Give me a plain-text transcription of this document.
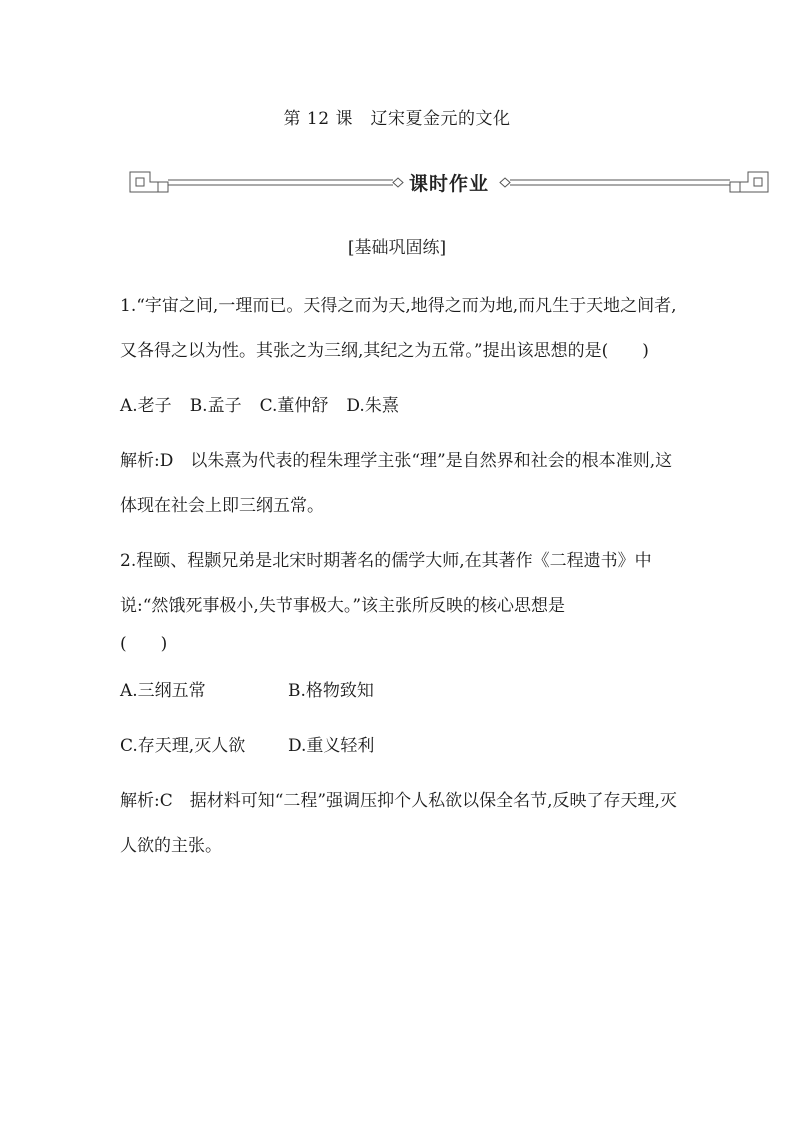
第 12 课　辽宋夏金元的文化
课时作业
[基础巩固练]

1.“宇宙之间,一理而已。天得之而为天,地得之而为地,而凡生于天地之间者,又各得之以为性。其张之为三纲,其纪之为五常。”提出该思想的是(　　)

A.老子 B.孟子 C.董仲舒 D.朱熹

解析:D　以朱熹为代表的程朱理学主张“理”是自然界和社会的根本准则,这体现在社会上即三纲五常。

2.程颐、程颢兄弟是北宋时期著名的儒学大师,在其著作《二程遗书》中说:“然饿死事极小,失节事极大。”该主张所反映的核心思想是

(　　)

A.三纲五常	B.格物致知
C.存天理,灭人欲	D.重义轻利

解析:C　据材料可知“二程”强调压抑个人私欲以保全名节,反映了存天理,灭人欲的主张。
